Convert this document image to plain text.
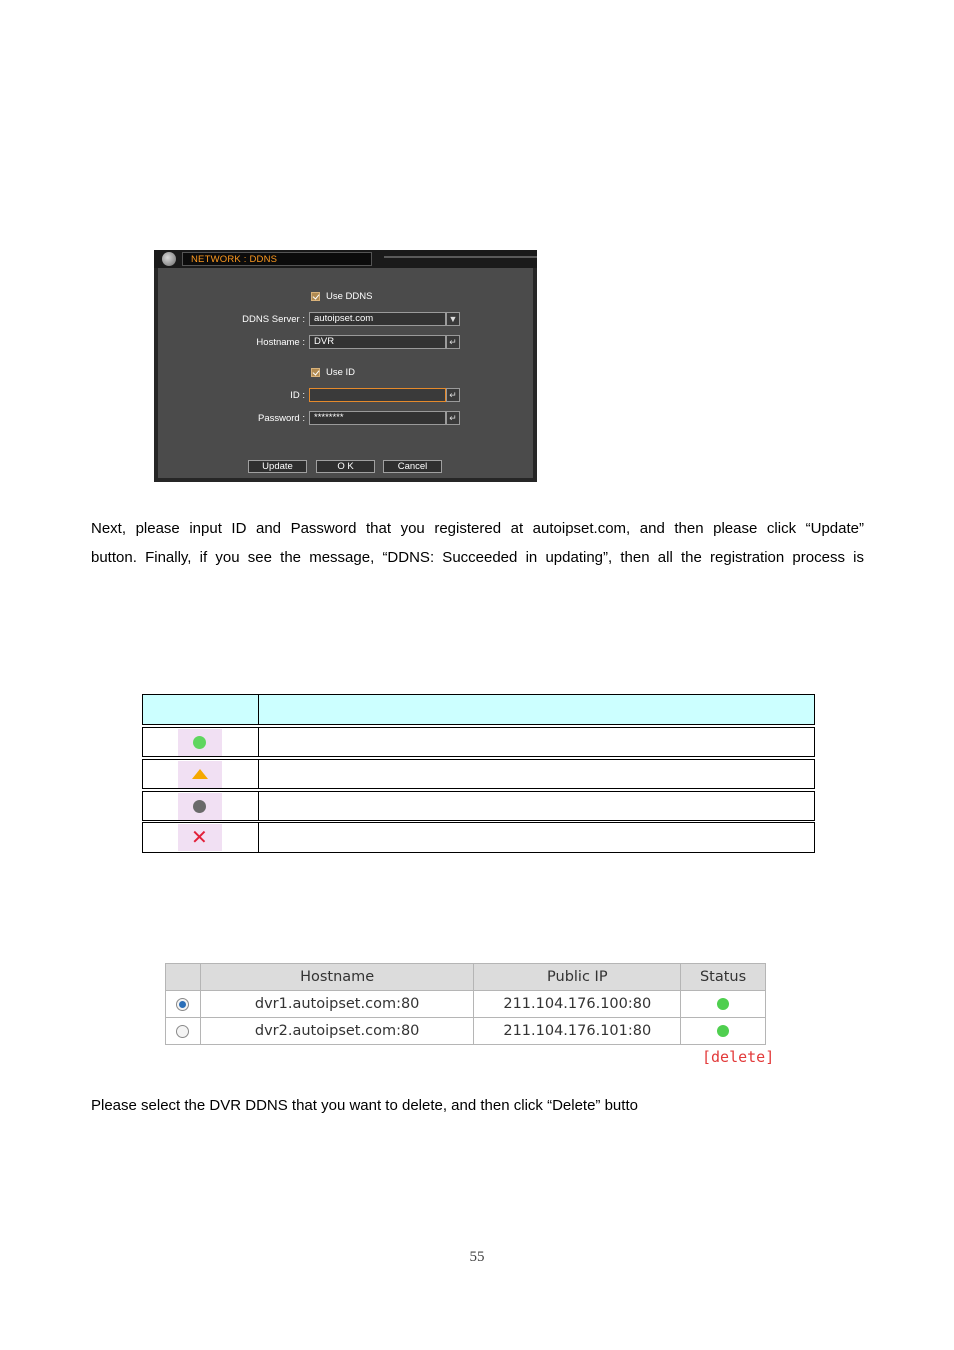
NETWORK : DDNS
Use DDNS
DDNS Server : autoipset.com	▼
Hostname : DVR	↵
Use ID
ID :	↵
Password : ********	↵
Update	O K	Cancel
Next, please input ID and Password that you registered at autoipset.com, and then please click “Update”
button. Finally, if you see the message, “DDNS: Succeeded in updating”, then all the registration process is
✕
	Hostname	Public IP	Status
	dvr1.autoipset.com:80	211.104.176.100:80	
	dvr2.autoipset.com:80	211.104.176.101:80	
[delete]
Please select the DVR DDNS that you want to delete, and then click “Delete” butto
55
